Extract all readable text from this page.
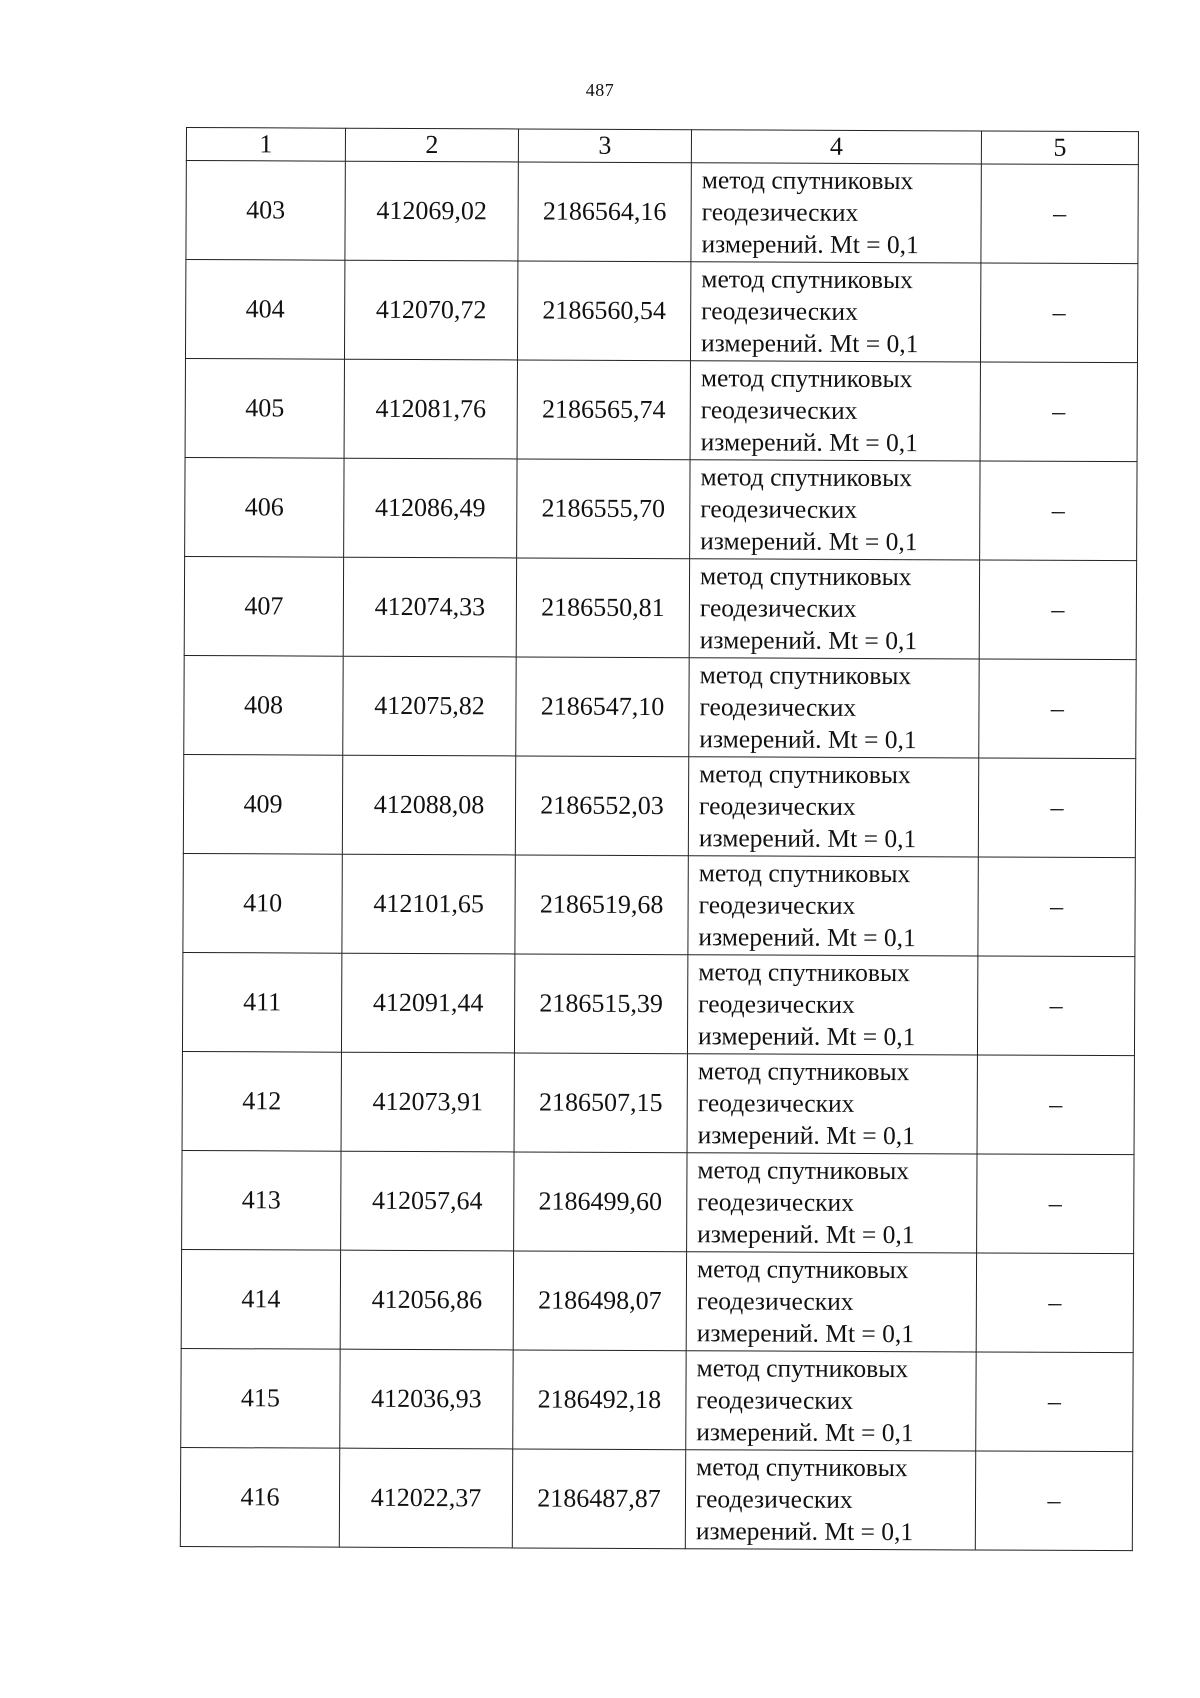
487
1	2	3	4	5
403	412069,02	2186564,16	метод спутниковых
геодезических
измерений. Mt = 0,1	–
404	412070,72	2186560,54	метод спутниковых
геодезических
измерений. Mt = 0,1	–
405	412081,76	2186565,74	метод спутниковых
геодезических
измерений. Mt = 0,1	–
406	412086,49	2186555,70	метод спутниковых
геодезических
измерений. Mt = 0,1	–
407	412074,33	2186550,81	метод спутниковых
геодезических
измерений. Mt = 0,1	–
408	412075,82	2186547,10	метод спутниковых
геодезических
измерений. Mt = 0,1	–
409	412088,08	2186552,03	метод спутниковых
геодезических
измерений. Mt = 0,1	–
410	412101,65	2186519,68	метод спутниковых
геодезических
измерений. Mt = 0,1	–
411	412091,44	2186515,39	метод спутниковых
геодезических
измерений. Mt = 0,1	–
412	412073,91	2186507,15	метод спутниковых
геодезических
измерений. Mt = 0,1	–
413	412057,64	2186499,60	метод спутниковых
геодезических
измерений. Mt = 0,1	–
414	412056,86	2186498,07	метод спутниковых
геодезических
измерений. Mt = 0,1	–
415	412036,93	2186492,18	метод спутниковых
геодезических
измерений. Mt = 0,1	–
416	412022,37	2186487,87	метод спутниковых
геодезических
измерений. Mt = 0,1	–
